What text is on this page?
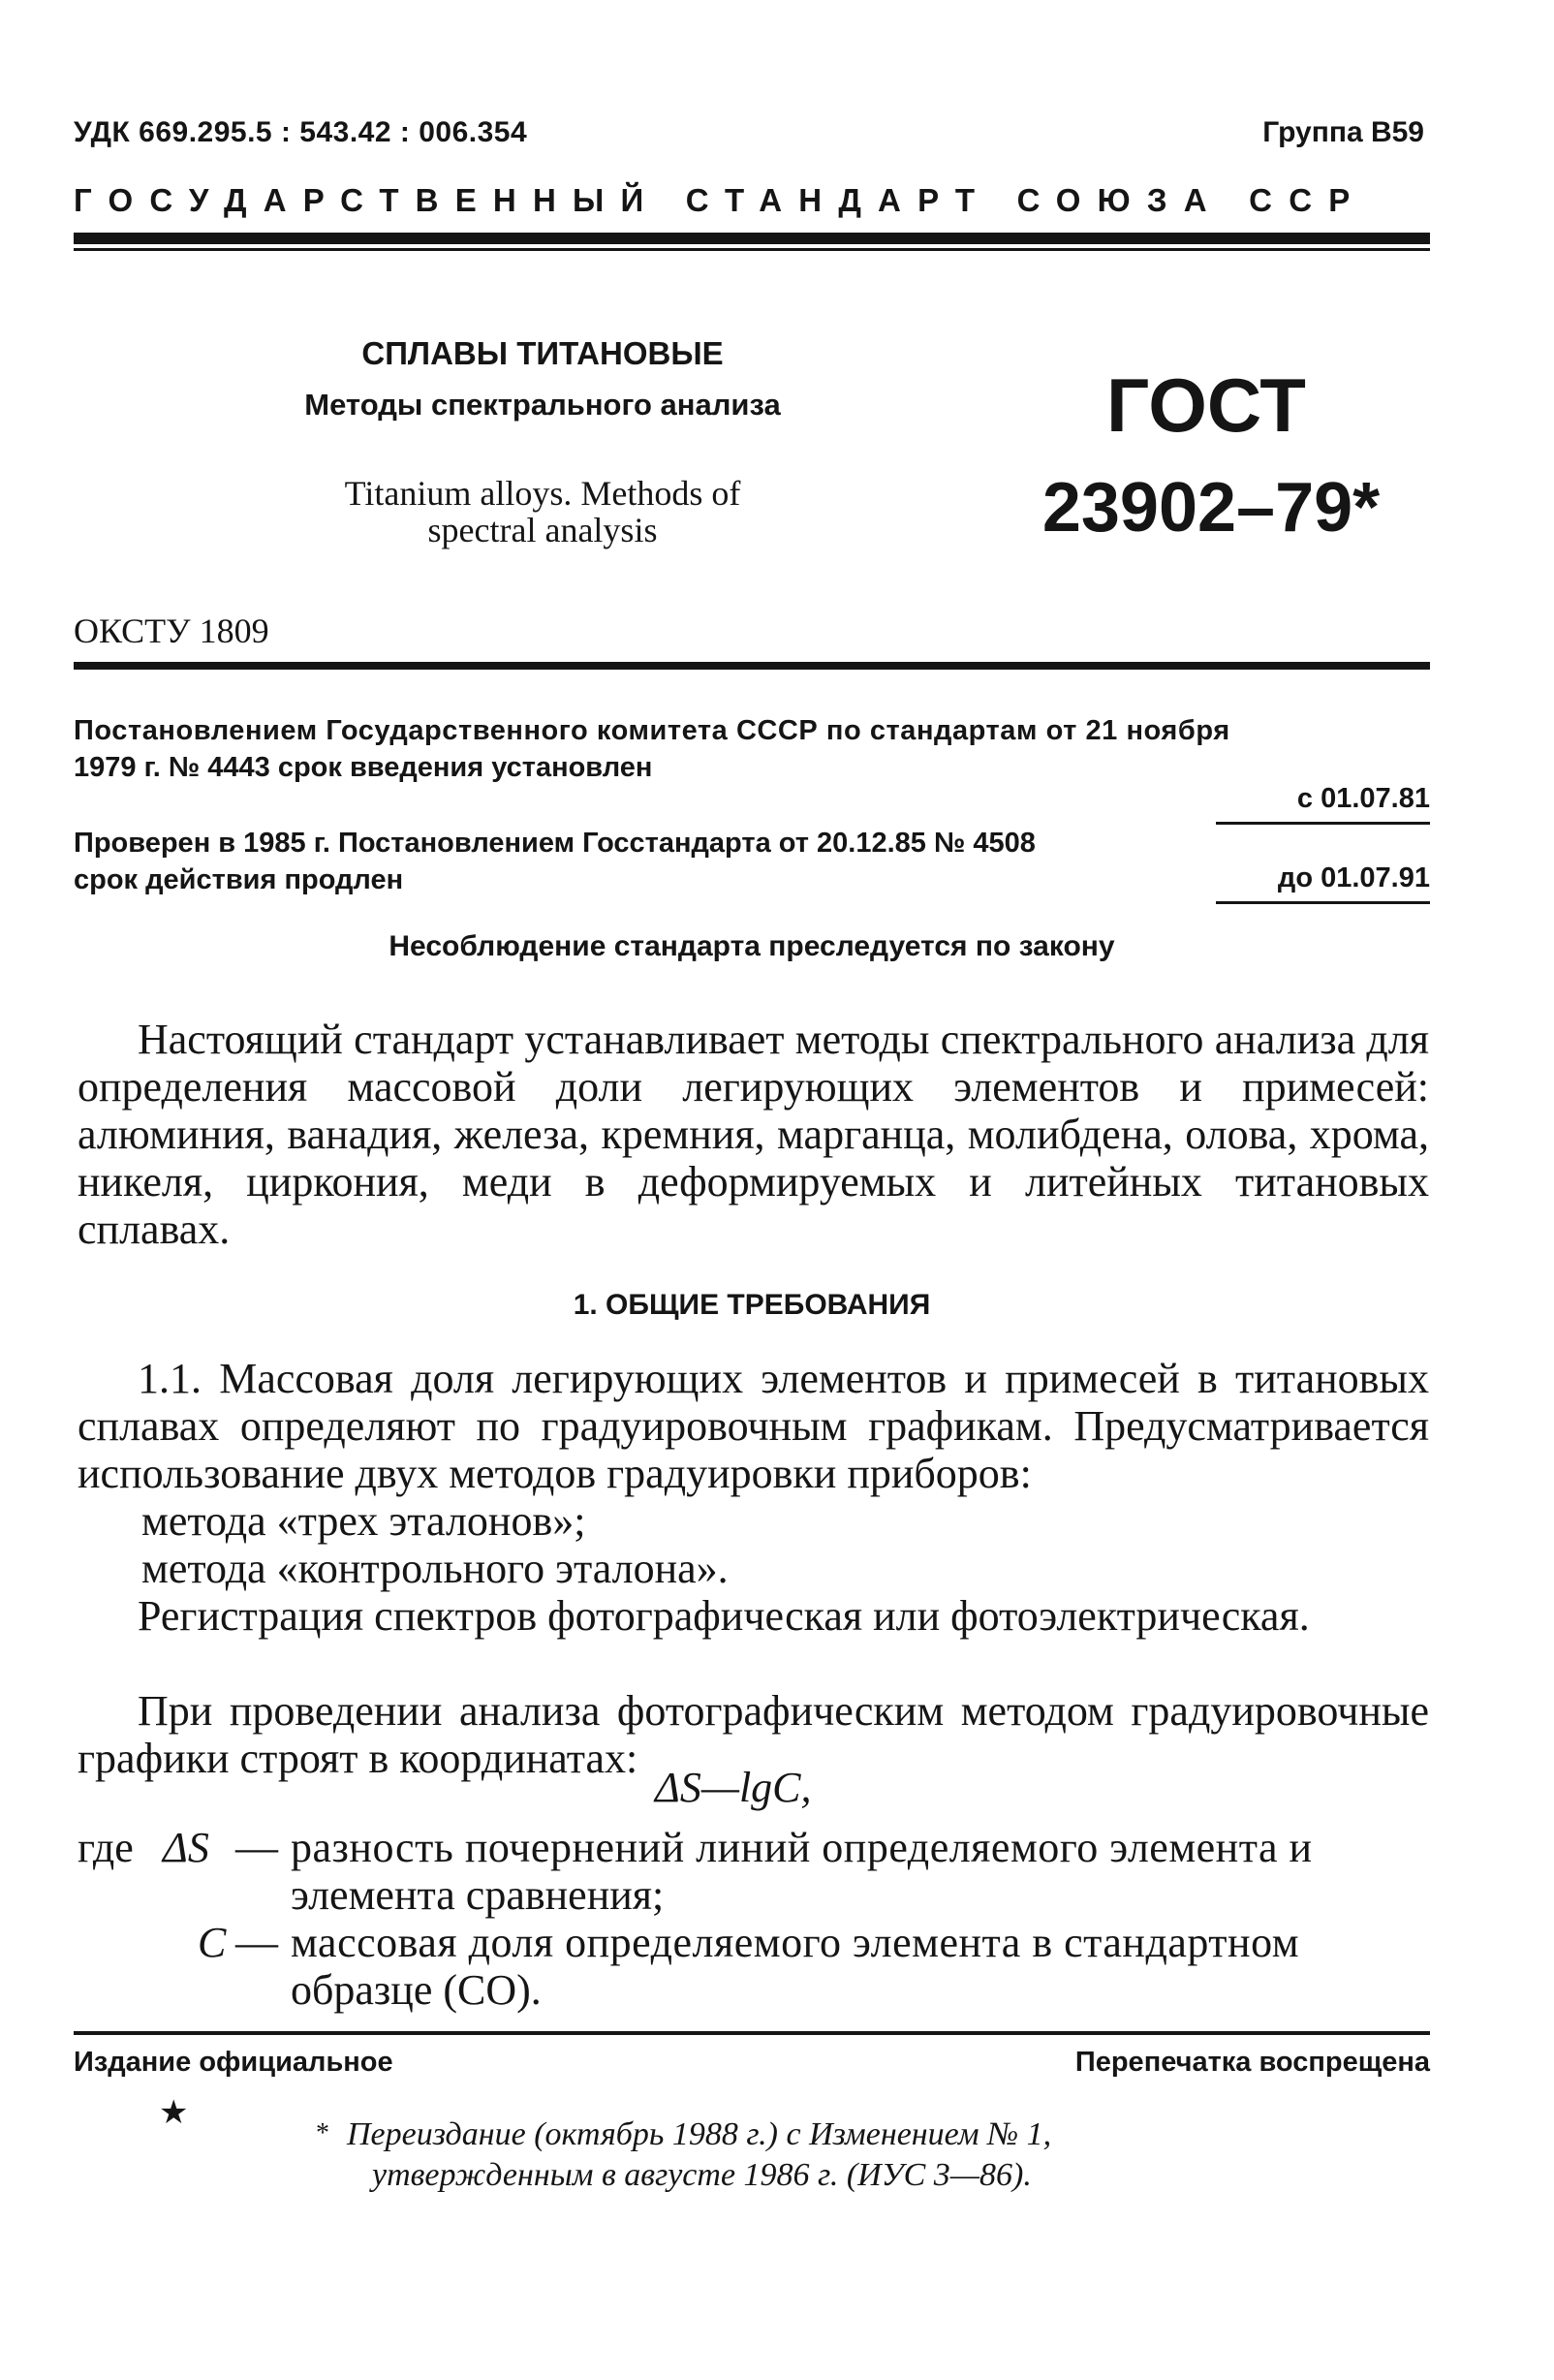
УДК 669.295.5 : 543.42 : 006.354	Группа В59
ГОСУДАРСТВЕННЫЙ СТАНДАРТ СОЮЗА ССР
СПЛАВЫ ТИТАНОВЫЕ
Методы спектрального анализа
Titanium alloys. Methods of
spectral analysis
ГОСТ
23902–79*
ОКСТУ 1809
Постановлением Государственного комитета СССР по стандартам от 21 ноября
1979 г. № 4443 срок введения установлен
с 01.07.81
Проверен в 1985 г. Постановлением Госстандарта от 20.12.85 № 4508
срок действия продлен	до 01.07.91
Несоблюдение стандарта преследуется по закону
Настоящий стандарт устанавливает методы спектрального анализа для определения массовой доли легирующих элементов и примесей: алюминия, ванадия, железа, кремния, марганца, молибдена, олова, хрома, никеля, циркония, меди в деформируемых и литейных титановых сплавах.
1. ОБЩИЕ ТРЕБОВАНИЯ
1.1. Массовая доля легирующих элементов и примесей в титановых сплавах определяют по градуировочным графикам. Предусматривается использование двух методов градуировки приборов:
метода «трех эталонов»;
метода «контрольного эталона».
Регистрация спектров фотографическая или фотоэлектрическая.
При проведении анализа фотографическим методом градуировочные графики строят в координатах:
ΔS—lgC,
где ΔS — разность почернений линий определяемого элемента и
элемента сравнения;
C — массовая доля определяемого элемента в стандартном
образце (СО).
Издание официальное	Перепечатка воспрещена
★
* Переиздание (октябрь 1988 г.) с Изменением № 1,
утвержденным в августе 1986 г. (ИУС 3—86).
